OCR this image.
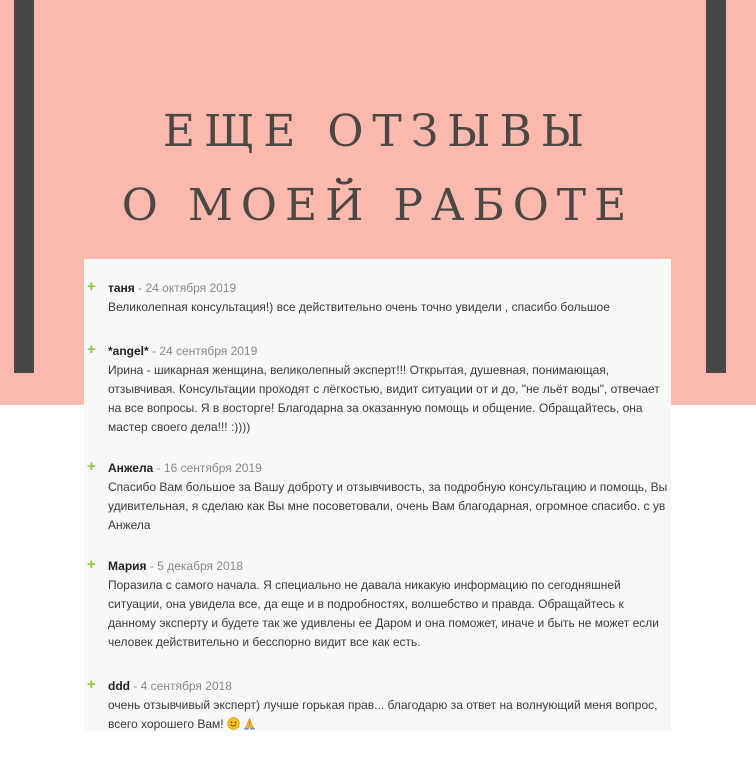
ЕЩЕ ОТЗЫВЫ
О МОЕЙ РАБОТЕ
+ таня - 24 октября 2019
Великолепная консультация!) все действительно очень точно увидели , спасибо большое
+ *angel* - 24 сентября 2019
Ирина - шикарная женщина, великолепный эксперт!!! Открытая, душевная, понимающая, отзывчивая. Консультации проходят с лёгкостью, видит ситуации от и до, "не льёт воды", отвечает на все вопросы. Я в восторге! Благодарна за оказанную помощь и общение. Обращайтесь, она мастер своего дела!!! :))))
+ Анжела - 16 сентября 2019
Спасибо Вам большое за Вашу доброту и отзывчивость, за подробную консультацию и помощь, Вы удивительная, я сделаю как Вы мне посоветовали, очень Вам благодарная, огромное спасибо. с ув Анжела
+ Мария - 5 декабря 2018
Поразила с самого начала. Я специально не давала никакую информацию по сегодняшней ситуации, она увидела все, да еще и в подробностях, волшебство и правда. Обращайтесь к данному эксперту и будете так же удивлены ее Даром и она поможет, иначе и быть не может если человек действительно и бесспорно видит все как есть.
+ ddd - 4 сентября 2018
очень отзывчивый эксперт) лучше горькая прав... благодарю за ответ на волнующий меня вопрос, всего хорошего Вам!
